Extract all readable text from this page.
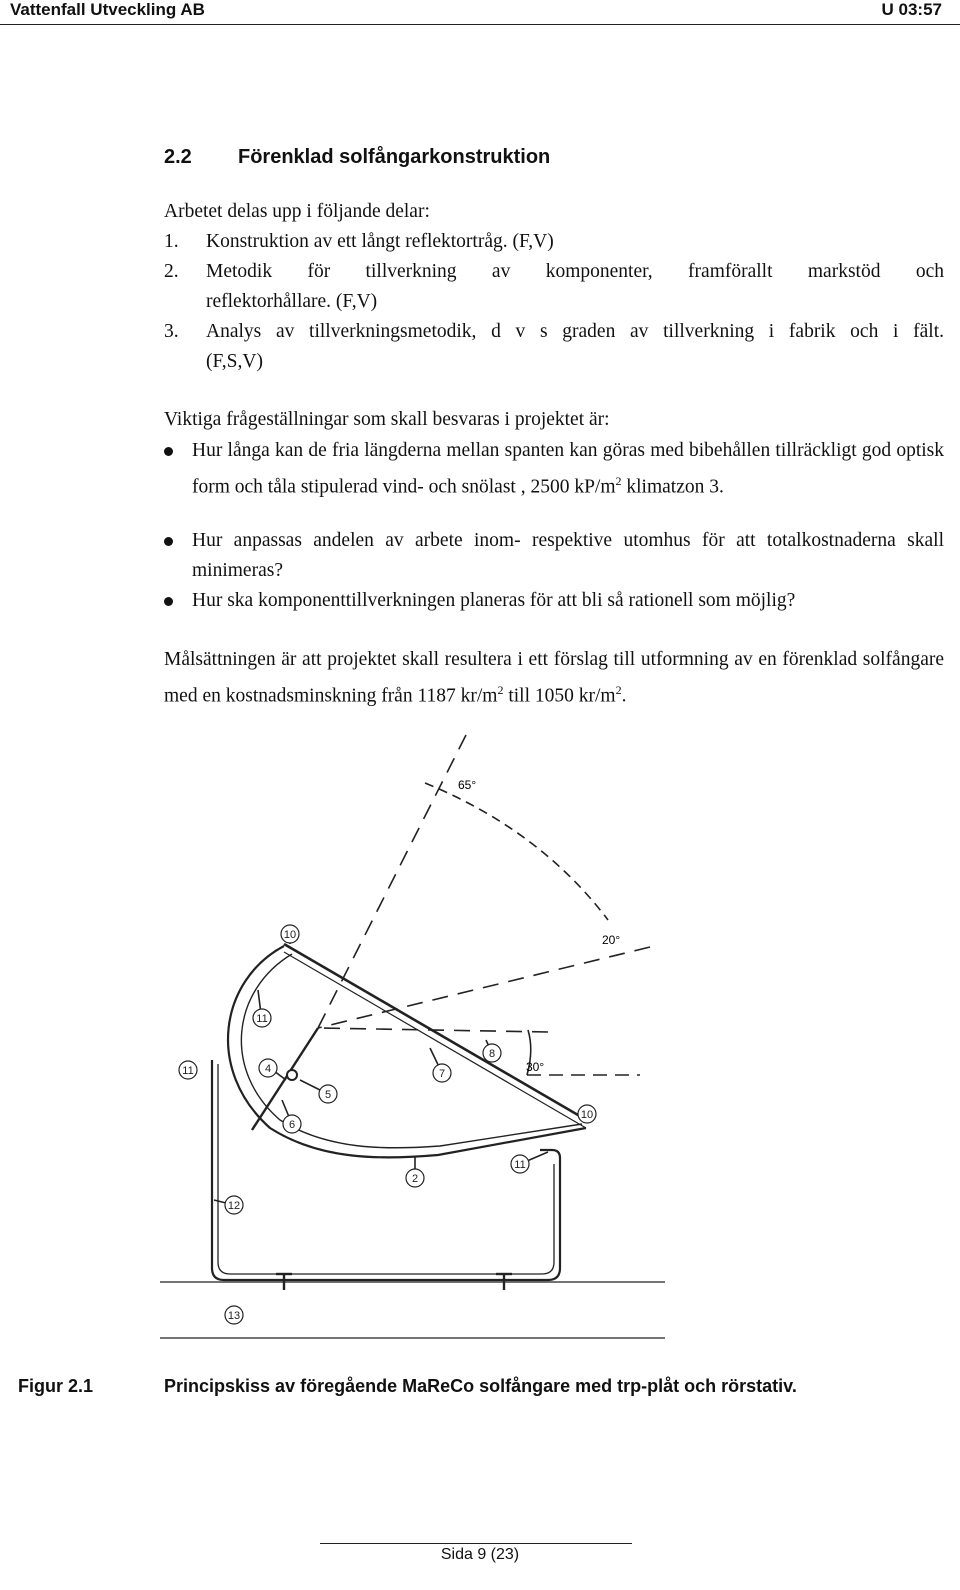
Vattenfall Utveckling AB	U 03:57
2.2 Förenklad solfångarkonstruktion
Arbetet delas upp i följande delar:
1. Konstruktion av ett långt reflektortråg. (F,V)
2. Metodik för tillverkning av komponenter, framförallt markstöd och
reflektorhållare. (F,V)
3. Analys av tillverkningsmetodik, d v s graden av tillverkning i fabrik och i fält.
(F,S,V)
Viktiga frågeställningar som skall besvaras i projektet är:
Hur långa kan de fria längderna mellan spanten kan göras med bibehållen tillräckligt god optisk form och tåla stipulerad vind- och snölast , 2500 $kP/m^2$ klimatzon 3.
Hur anpassas andelen av arbete inom- respektive utomhus för att totalkostnaderna skall minimeras?
Hur ska komponenttillverkningen planeras för att bli så rationell som möjlig?
Målsättningen är att projektet skall resultera i ett förslag till utformning av en förenklad solfångare med en kostnadsminskning från 1187 $kr/m^2$ till 1050 $kr/m^2$.
65°
20°
30°
10
11
11	4
5
6
7
8
10
11
2
12
13
Figur 2.1	Principskiss av föregående MaReCo solfångare med trp-plåt och rörstativ.
Sida 9 (23)
